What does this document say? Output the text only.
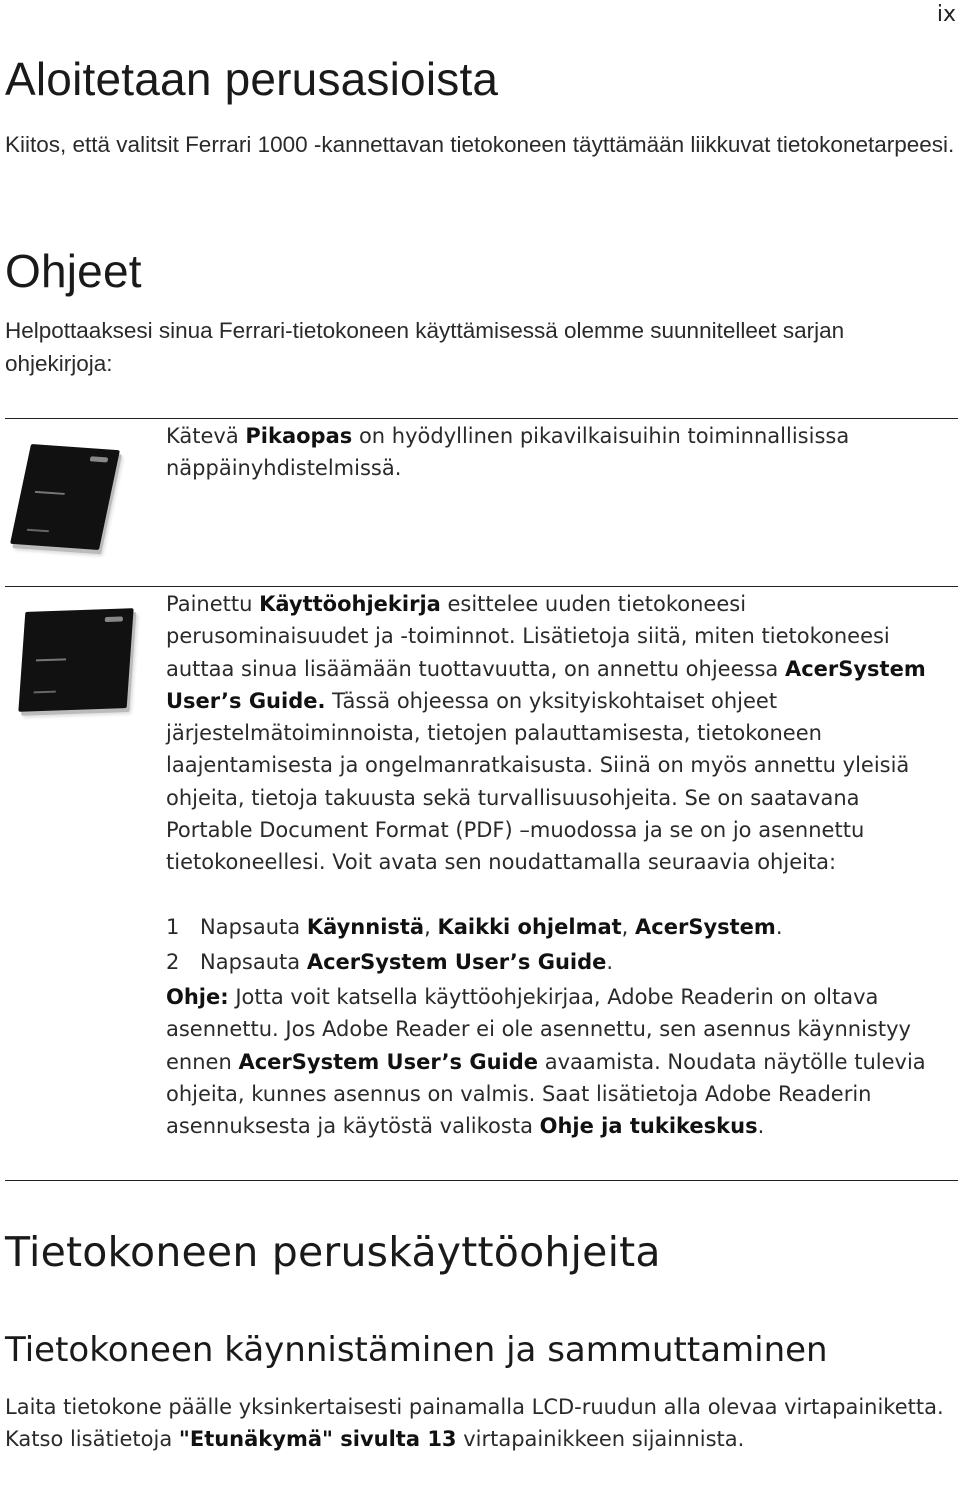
ix
Aloitetaan perusasioista

Kiitos, että valitsit Ferrari 1000 -kannettavan tietokoneen täyttämään liikkuvat tietokonetarpeesi.

Ohjeet

Helpottaaksesi sinua Ferrari-tietokoneen käyttämisessä olemme suunnitelleet sarjan ohjekirjoja:

Kätevä Pikaopas on hyödyllinen pikavilkaisuihin toiminnallisissa näppäinyhdistelmissä.

Painettu Käyttöohjekirja esittelee uuden tietokoneesi perusominaisuudet ja -toiminnot. Lisätietoja siitä, miten tietokoneesi auttaa sinua lisäämään tuottavuutta, on annettu ohjeessa AcerSystem User’s Guide. Tässä ohjeessa on yksityiskohtaiset ohjeet järjestelmätoiminnoista, tietojen palauttamisesta, tietokoneen laajentamisesta ja ongelmanratkaisusta. Siinä on myös annettu yleisiä ohjeita, tietoja takuusta sekä turvallisuusohjeita. Se on saatavana Portable Document Format (PDF) –muodossa ja se on jo asennettu tietokoneellesi. Voit avata sen noudattamalla seuraavia ohjeita:

1 Napsauta Käynnistä, Kaikki ohjelmat, AcerSystem.

2 Napsauta AcerSystem User’s Guide.

Ohje: Jotta voit katsella käyttöohjekirjaa, Adobe Readerin on oltava asennettu. Jos Adobe Reader ei ole asennettu, sen asennus käynnistyy ennen AcerSystem User’s Guide avaamista. Noudata näytölle tulevia ohjeita, kunnes asennus on valmis. Saat lisätietoja Adobe Readerin asennuksesta ja käytöstä valikosta Ohje ja tukikeskus.

Tietokoneen peruskäyttöohjeita
Tietokoneen käynnistäminen ja sammuttaminen

Laita tietokone päälle yksinkertaisesti painamalla LCD-ruudun alla olevaa virtapainiketta. Katso lisätietoja "Etunäkymä" sivulta 13 virtapainikkeen sijainnista.
